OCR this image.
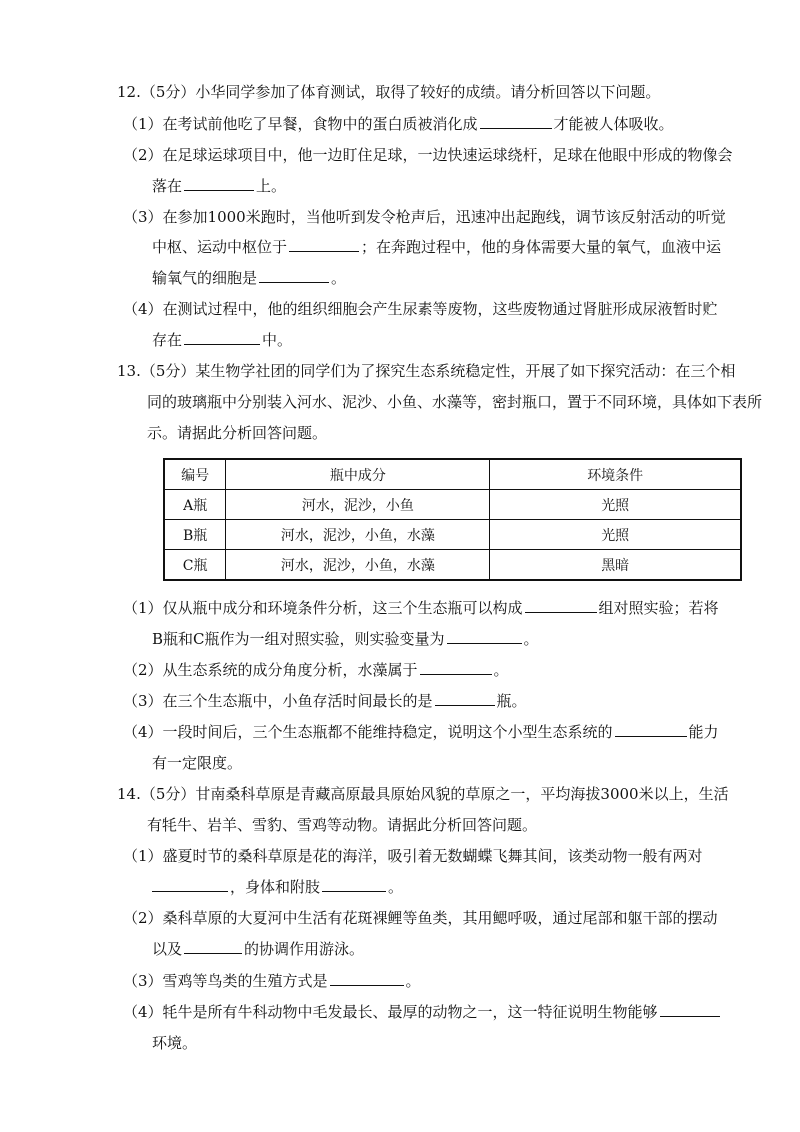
12.（5分）小华同学参加了体育测试，取得了较好的成绩。请分析回答以下问题。
（1）在考试前他吃了早餐，食物中的蛋白质被消化成	才能被人体吸收。
（2）在足球运球项目中，他一边盯住足球，一边快速运球绕杆，足球在他眼中形成的物像会
落在	上。
（3）在参加1000米跑时，当他听到发令枪声后，迅速冲出起跑线，调节该反射活动的听觉
中枢、运动中枢位于	；在奔跑过程中，他的身体需要大量的氧气，血液中运
输氧气的细胞是	。
（4）在测试过程中，他的组织细胞会产生尿素等废物，这些废物通过肾脏形成尿液暂时贮
存在	中。
13.（5分）某生物学社团的同学们为了探究生态系统稳定性，开展了如下探究活动：在三个相
同的玻璃瓶中分别装入河水、泥沙、小鱼、水藻等，密封瓶口，置于不同环境，具体如下表所
示。请据此分析回答问题。
编号	瓶中成分	环境条件
A瓶	河水，泥沙，小鱼	光照
B瓶	河水，泥沙，小鱼，水藻	光照
C瓶	河水，泥沙，小鱼，水藻	黑暗
（1）仅从瓶中成分和环境条件分析，这三个生态瓶可以构成	组对照实验；若将
B瓶和C瓶作为一组对照实验，则实验变量为	。
（2）从生态系统的成分角度分析，水藻属于	。
（3）在三个生态瓶中，小鱼存活时间最长的是	瓶。
（4）一段时间后，三个生态瓶都不能维持稳定，说明这个小型生态系统的	能力
有一定限度。
14.（5分）甘南桑科草原是青藏高原最具原始风貌的草原之一，平均海拔3000米以上，生活
有牦牛、岩羊、雪豹、雪鸡等动物。请据此分析回答问题。
（1）盛夏时节的桑科草原是花的海洋，吸引着无数蝴蝶飞舞其间，该类动物一般有两对
，身体和附肢	。
（2）桑科草原的大夏河中生活有花斑裸鲤等鱼类，其用鳃呼吸，通过尾部和躯干部的摆动
以及	的协调作用游泳。
（3）雪鸡等鸟类的生殖方式是	。
（4）牦牛是所有牛科动物中毛发最长、最厚的动物之一，这一特征说明生物能够
环境。
